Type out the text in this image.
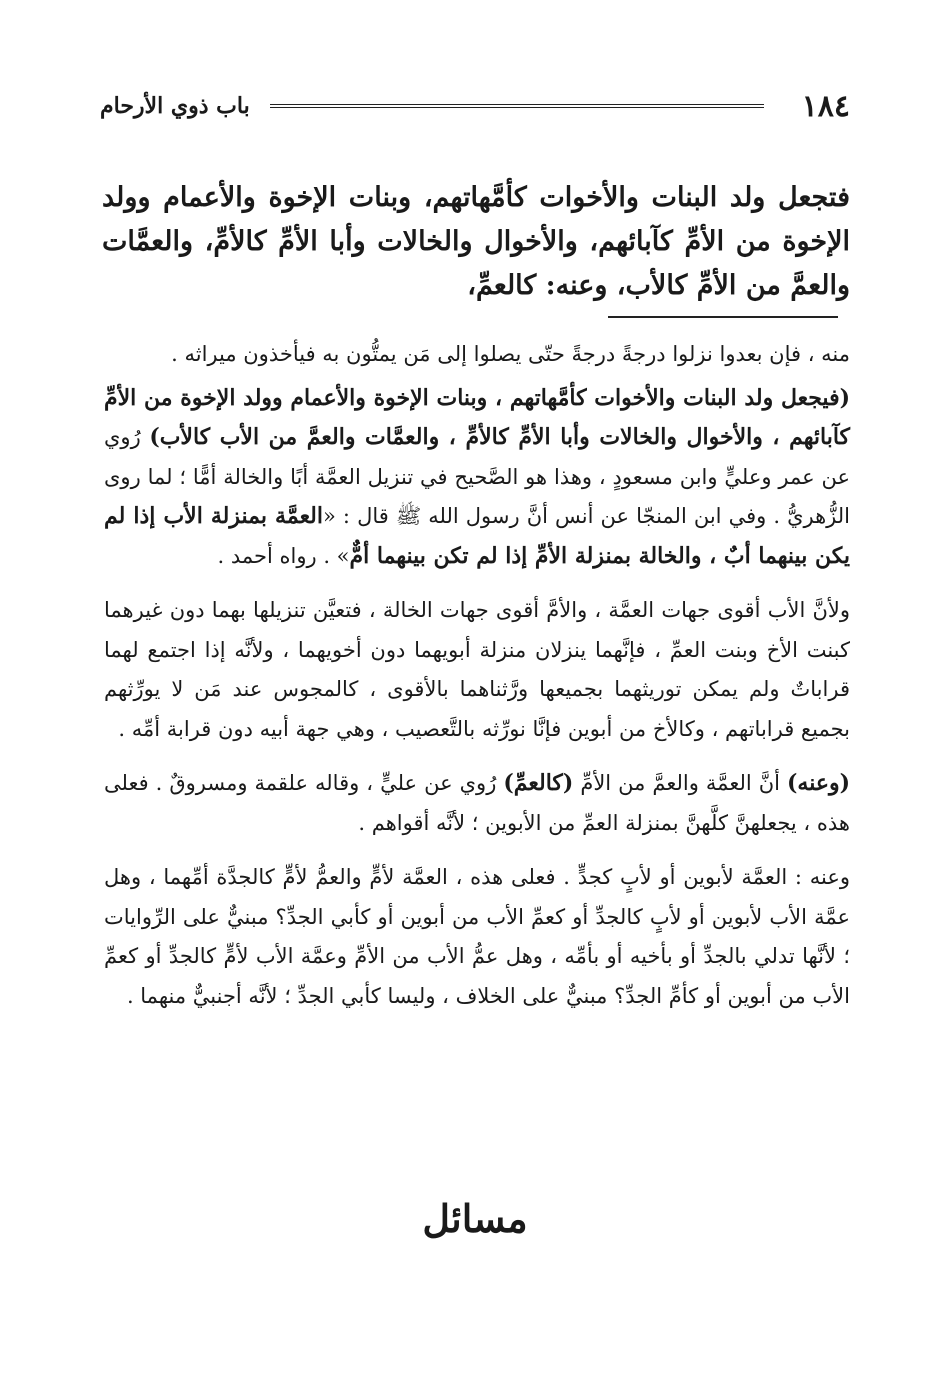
١٨٤
باب ذوي الأرحام

فتجعل ولد البنات والأخوات كأمَّهاتهم، وبنات الإخوة والأعمام وولد الإخوة من الأمِّ كآبائهم، والأخوال والخالات وأبا الأمِّ كالأمِّ، والعمَّات والعمَّ من الأمِّ كالأب، وعنه: كالعمِّ،

منه ، فإن بعدوا نزلوا درجةً درجةً حتّى يصلوا إلى مَن يمتُّون به فيأخذون ميراثه .

(فيجعل ولد البنات والأخوات كأمَّهاتهم ، وبنات الإخوة والأعمام وولد الإخوة من الأمِّ كآبائهم ، والأخوال والخالات وأبا الأمِّ كالأمِّ ، والعمَّات والعمَّ من الأب كالأب) رُوي عن عمر وعليٍّ وابن مسعودٍ ، وهذا هو الصَّحيح في تنزيل العمَّة أبًا والخالة أمًّا ؛ لما روى الزُّهريُّ . وفي ابن المنجّا عن أنس أنَّ رسول الله ﷺ قال : «العمَّة بمنزلة الأب إذا لم يكن بينهما أبٌ ، والخالة بمنزلة الأمِّ إذا لم تكن بينهما أمٌّ» . رواه أحمد .

ولأنَّ الأب أقوى جهات العمَّة ، والأمَّ أقوى جهات الخالة ، فتعيَّن تنزيلها بهما دون غيرهما كبنت الأخ وبنت العمِّ ، فإنَّهما ينزلان منزلة أبويهما دون أخويهما ، ولأنَّه إذا اجتمع لهما قراباتٌ ولم يمكن توريثهما بجميعها ورَّثناهما بالأقوى ، كالمجوس عند مَن لا يورِّثهم بجميع قراباتهم ، وكالأخ من أبوين فإنَّا نورِّثه بالتَّعصيب ، وهي جهة أبيه دون قرابة أمِّه .

(وعنه) أنَّ العمَّة والعمَّ من الأمِّ (كالعمِّ) رُوي عن عليٍّ ، وقاله علقمة ومسروقٌ . فعلى هذه ، يجعلهنَّ كلَّهنَّ بمنزلة العمِّ من الأبوين ؛ لأنَّه أقواهم .

وعنه : العمَّة لأبوين أو لأبٍ كجدٍّ . فعلى هذه ، العمَّة لأمٍّ والعمُّ لأمٍّ كالجدَّة أمِّهما ، وهل عمَّة الأب لأبوين أو لأبٍ كالجدِّ أو كعمِّ الأب من أبوين أو كأبي الجدِّ؟ مبنيٌّ على الرِّوايات ؛ لأنَّها تدلي بالجدِّ أو بأخيه أو بأمِّه ، وهل عمُّ الأب من الأمِّ وعمَّة الأب لأمٍّ كالجدِّ أو كعمِّ الأب من أبوين أو كأمِّ الجدِّ؟ مبنيٌّ على الخلاف ، وليسا كأبي الجدِّ ؛ لأنَّه أجنبيٌّ منهما .

مسائل
